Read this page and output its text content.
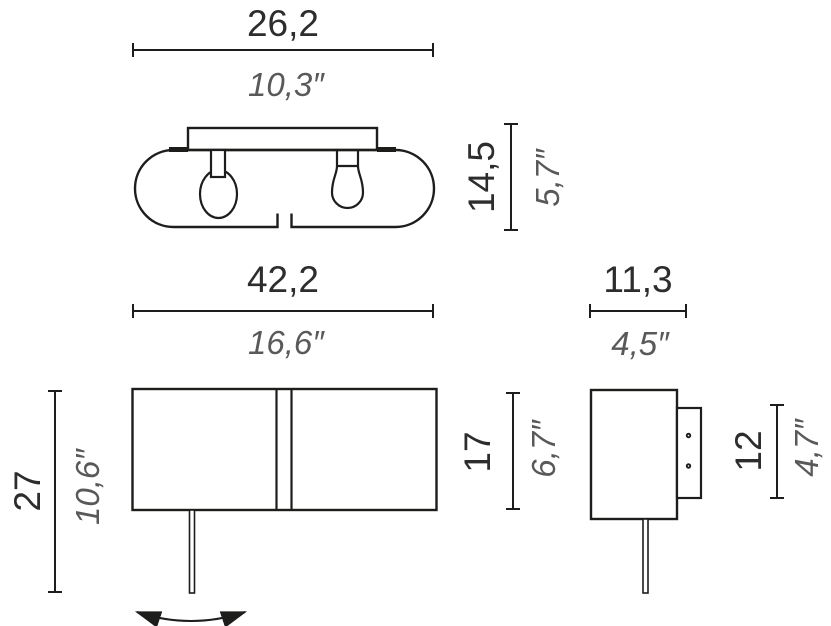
26,2
10,3″
14,5 5,7″
42,2
16,6″
27 10,6″	17 6,7″
11,3
4,5″
12 4,7″
